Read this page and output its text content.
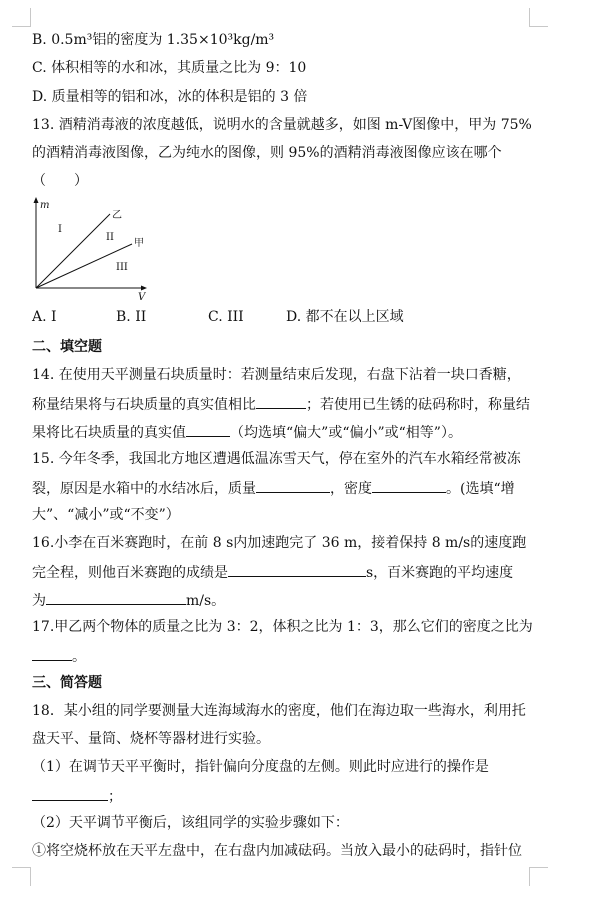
B. 0.5m³铝的密度为 1.35×10³kg/m³
C. 体积相等的水和冰，其质量之比为 9：10
D. 质量相等的铝和冰，冰的体积是铝的 3 倍
13. 酒精消毒液的浓度越低，说明水的含量就越多，如图 m-V图像中，甲为 75%
的酒精消毒液图像，乙为纯水的图像，则 95%的酒精消毒液图像应该在哪个
（　　）
m
V
I
II
III
乙
甲
A. I	B. II	C. III	D. 都不在以上区域
二、填空题
14. 在使用天平测量石块质量时：若测量结束后发现，右盘下沾着一块口香糖，
称量结果将与石块质量的真实值相比	；若使用已生锈的砝码称时，称量结
果将比石块质量的真实值	（均选填“偏大”或“偏小”或“相等”）。
15. 今年冬季，我国北方地区遭遇低温冻雪天气，停在室外的汽车水箱经常被冻
裂，原因是水箱中的水结冰后，质量	，密度	。(选填“增
大”、“减小”或“不变”）
16.小李在百米赛跑时，在前 8 s内加速跑完了 36 m，接着保持 8 m/s的速度跑
完全程，则他百米赛跑的成绩是	s，百米赛跑的平均速度
为	m/s。
17.甲乙两个物体的质量之比为 3：2，体积之比为 1：3，那么它们的密度之比为
。
三、简答题
18．某小组的同学要测量大连海域海水的密度，他们在海边取一些海水，利用托
盘天平、量筒、烧杯等器材进行实验。
（1）在调节天平平衡时，指针偏向分度盘的左侧。则此时应进行的操作是
；
（2）天平调节平衡后，该组同学的实验步骤如下：
①将空烧杯放在天平左盘中，在右盘内加减砝码。当放入最小的砝码时，指针位
